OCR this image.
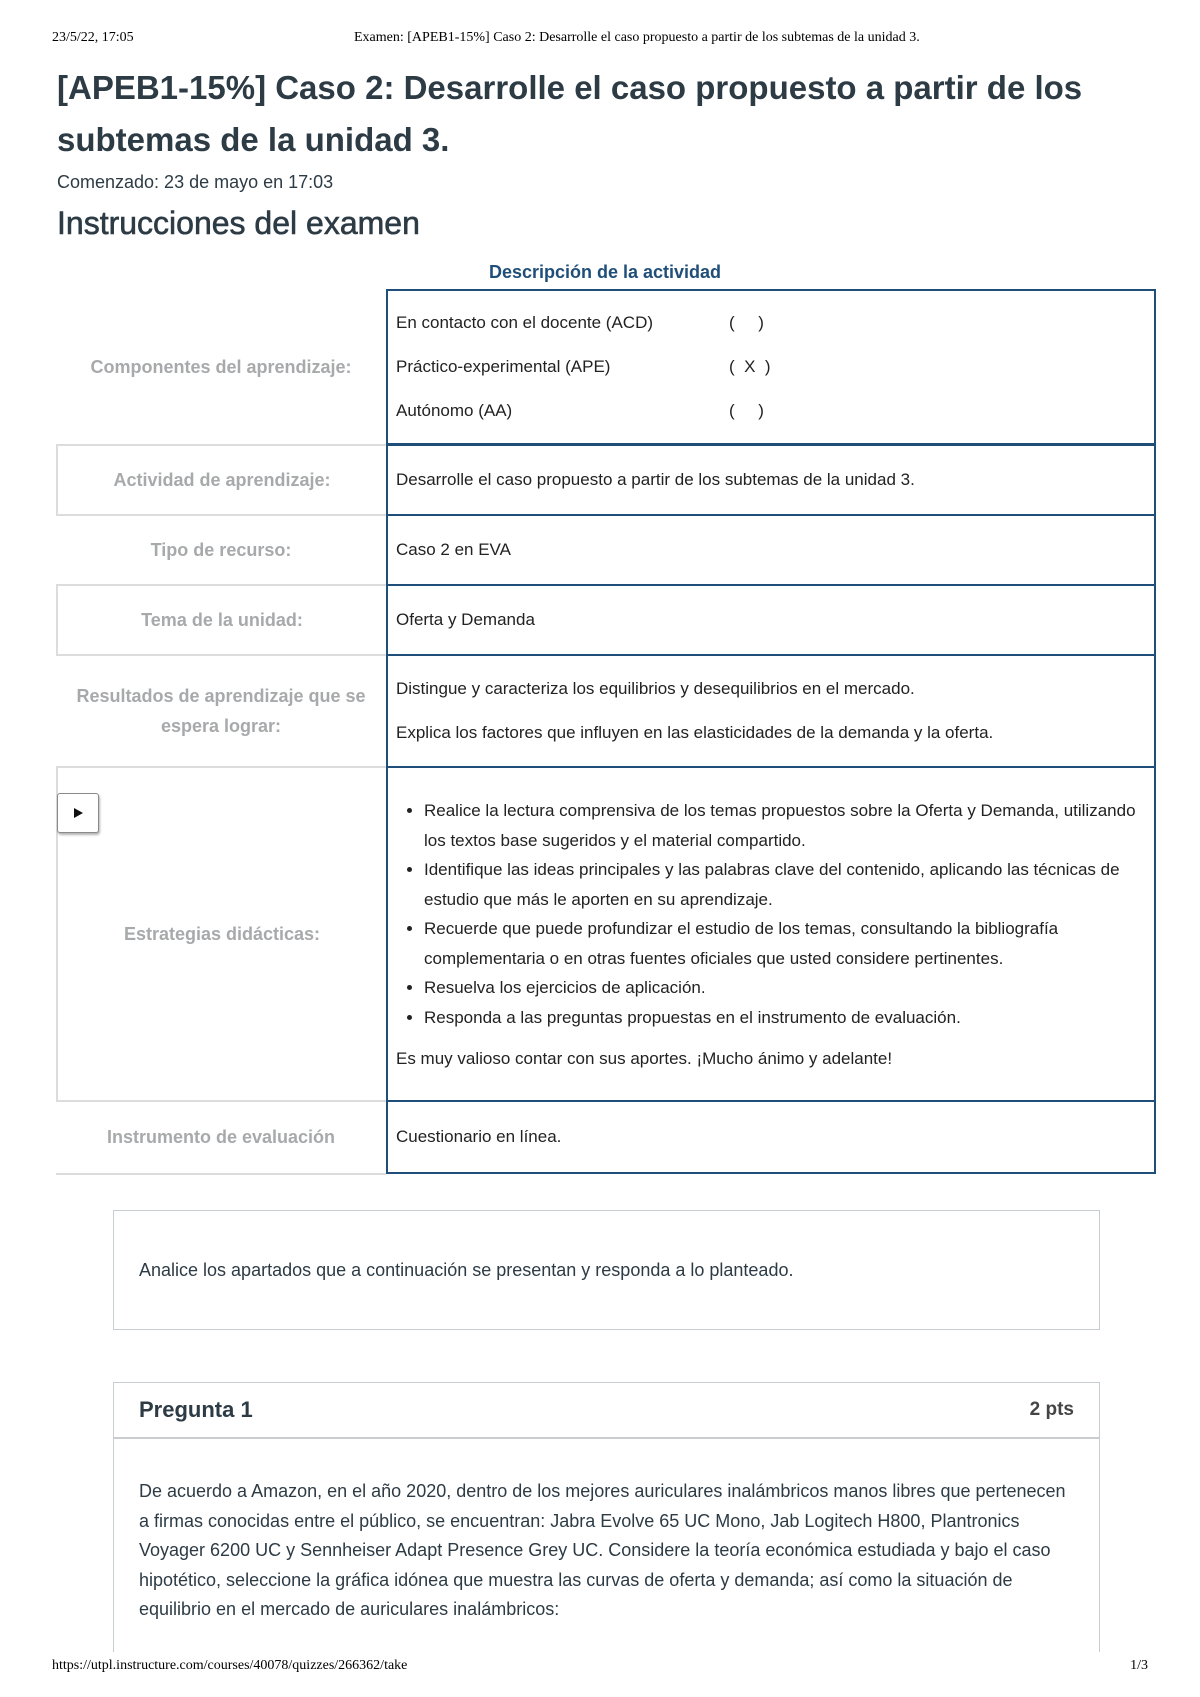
23/5/22, 17:05	Examen: [APEB1-15%] Caso 2: Desarrolle el caso propuesto a partir de los subtemas de la unidad 3.
[APEB1-15%] Caso 2: Desarrolle el caso propuesto a partir de los subtemas de la unidad 3.
Comenzado: 23 de mayo en 17:03
Instrucciones del examen
Descripción de la actividad
Componentes del aprendizaje:
En contacto con el docente (ACD)	(     )
Práctico-experimental (APE)	(  X  )
Autónomo (AA)	(     )
Actividad de aprendizaje:	Desarrolle el caso propuesto a partir de los subtemas de la unidad 3.

Tipo de recurso:	Caso 2 en EVA

Tema de la unidad:	Oferta y Demanda

Resultados de aprendizaje que se espera lograr:

Distingue y caracteriza los equilibrios y desequilibrios en el mercado.

Explica los factores que influyen en las elasticidades de la demanda y la oferta.

Estrategias didácticas:
• Realice la lectura comprensiva de los temas propuestos sobre la Oferta y Demanda, utilizando los textos base sugeridos y el material compartido.
• Identifique las ideas principales y las palabras clave del contenido, aplicando las técnicas de estudio que más le aporten en su aprendizaje.
• Recuerde que puede profundizar el estudio de los temas, consultando la bibliografía complementaria o en otras fuentes oficiales que usted considere pertinentes.
• Resuelva los ejercicios de aplicación.
• Responda a las preguntas propuestas en el instrumento de evaluación.

Es muy valioso contar con sus aportes. ¡Mucho ánimo y adelante!

Instrumento de evaluación	Cuestionario en línea.

Analice los apartados que a continuación se presentan y responda a lo planteado.
Pregunta 1	2 pts
De acuerdo a Amazon, en el año 2020, dentro de los mejores auriculares inalámbricos manos libres que pertenecen a firmas conocidas entre el público, se encuentran: Jabra Evolve 65 UC Mono, Jab Logitech H800, Plantronics Voyager 6200 UC y Sennheiser Adapt Presence Grey UC. Considere la teoría económica estudiada y bajo el caso hipotético, seleccione la gráfica idónea que muestra las curvas de oferta y demanda; así como la situación de equilibrio en el mercado de auriculares inalámbricos:
https://utpl.instructure.com/courses/40078/quizzes/266362/take	1/3
